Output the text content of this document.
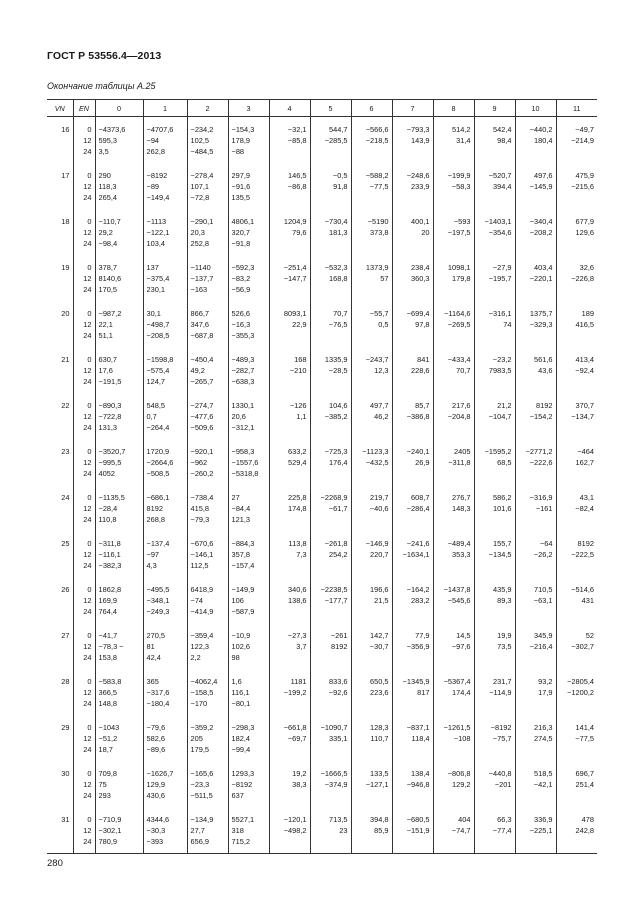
ГОСТ Р 53556.4—2013
Окончание таблицы А.25
VN	EN	0	1	2	3	4	5	6	7	8	9	10	11
16	0	−4373,6	−4707,6	−234,2	−154,3	−32,1	544,7	−566,6	−793,3	514,2	542,4	−440,2	−49,7
	12	595,3	−94	102,5	178,9	−85,8	−285,5	−218,5	143,9	31,4	98,4	180,4	−214,9
	24	3,5	262,8	−484,5	−88								
17	0	290	−8192	−278,4	297,9	146,5	−0,5	−588,2	−248,6	−199,9	−520,7	497,6	475,9
	12	118,3	−89	107,1	−91,6	−86,8	91,8	−77,5	233,9	−58,3	394,4	−145,9	−215,6
	24	265,4	−149,4	−72,8	135,5								
18	0	−110,7	−1113	−290,1	4806,1	1204,9	−730,4	−5190	400,1	−593	−1403,1	−340,4	677,9
	12	29,2	−122,1	20,3	320,7	79,6	181,3	373,8	20	−197,5	−354,6	−208,2	129,6
	24	−98,4	103,4	252,8	−91,8								
19	0	378,7	137	−1140	−592,3	−251,4	−532,3	1373,9	238,4	1098,1	−27,9	403,4	32,6
	12	8140,6	−375,4	−137,7	−83,2	−147,7	168,8	57	360,3	179,8	−195,7	−220,1	−226,8
	24	170,5	230,1	−163	−56,9								
20	0	−987,2	30,1	866,7	526,6	8093,1	70,7	−55,7	−699,4	−1164,6	−316,1	1375,7	189
	12	22,1	−498,7	347,6	−16,3	22,9	−76,5	0,5	97,8	−269,5	74	−329,3	416,5
	24	51,1	−208,5	−687,8	−355,3								
21	0	630,7	−1598,8	−450,4	−489,3	168	1335,9	−243,7	841	−433,4	−23,2	561,6	413,4
	12	17,6	−575,4	49,2	−282,7	−210	−28,5	12,3	228,6	70,7	7983,5	43,6	−92,4
	24	−191,5	124,7	−265,7	−638,3								
22	0	−890,3	548,5	−274,7	1330,1	−126	104,6	497,7	85,7	217,6	21,2	8192	370,7
	12	−722,8	0,7	−477,6	20,6	1,1	−385,2	46,2	−386,8	−204,8	−104,7	−154,2	−134,7
	24	131,3	−264,4	−509,6	−312,1								
23	0	−3520,7	1720,9	−920,1	−958,3	633,2	−725,3	−1123,3	−240,1	2405	−1595,2	−2771,2	−464
	12	−995,5	−2664,6	−962	−1557,6	529,4	176,4	−432,5	26,9	−311,8	68,5	−222,6	162,7
	24	4052	−508,5	−260,2	−5318,8								
24	0	−1135,5	−686,1	−738,4	27	225,8	−2268,9	219,7	608,7	276,7	586,2	−316,9	43,1
	12	−28,4	8192	415,8	−84,4	174,8	−61,7	−40,6	−286,4	148,3	101,6	−161	−82,4
	24	110,8	268,8	−79,3	121,3								
25	0	−311,8	−137,4	−670,6	−884,3	113,8	−261,8	−146,9	−241,6	−489,4	155,7	−64	8192
	12	−116,1	−97	−146,1	357,8	7,3	254,2	220,7	−1634,1	353,3	−134,5	−26,2	−222,5
	24	−382,3	4,3	112,5	−157,4								
26	0	1862,8	−495,5	6418,9	−149,9	340,6	−2238,5	196,6	−164,2	−1437,8	435,9	710,5	−514,6
	12	169,9	−348,1	−74	106	138,6	−177,7	21,5	283,2	−545,6	89,3	−63,1	431
	24	764,4	−249,3	−414,9	−587,9								
27	0	−41,7	270,5	−359,4	−10,9	−27,3	−261	142,7	77,9	14,5	19,9	345,9	52
	12	−78,3 −	81	122,3	102,6	3,7	8192	−30,7	−356,9	−97,6	73,5	−216,4	−302,7
	24	153,8	42,4	2,2	98								
28	0	−583,8	365	−4062,4	1,6	1181	833,6	650,5	−1345,9	−5367,4	231,7	93,2	−2805,4
	12	366,5	−317,6	−158,5	116,1	−199,2	−92,6	223,6	817	174,4	−114,9	17,9	−1200,2
	24	148,8	−180,4	−170	−80,1								
29	0	−1043	−79,6	−359,2	−298,3	−661,8	−1090,7	128,3	−837,1	−1261,5	−8192	216,3	141,4
	12	−51,2	582,6	205	182,4	−69,7	335,1	110,7	118,4	−108	−75,7	274,5	−77,5
	24	18,7	−89,6	179,5	−99,4								
30	0	709,8	−1626,7	−165,6	1293,3	19,2	−1666,5	133,5	138,4	−806,8	−440,8	518,5	696,7
	12	75	129,9	−23,3	−8192	38,3	−374,9	−127,1	−946,8	129,2	−201	−42,1	251,4
	24	293	430,6	−511,5	637								
31	0	−710,9	4344,6	−134,9	5527,1	−120,1	713,5	394,8	−680,5	404	66,3	336,9	478
	12	−302,1	−30,3	27,7	318	−498,2	23	85,9	−151,9	−74,7	−77,4	−225,1	242,8
	24	780,9	−393	656,9	715,2								
280
